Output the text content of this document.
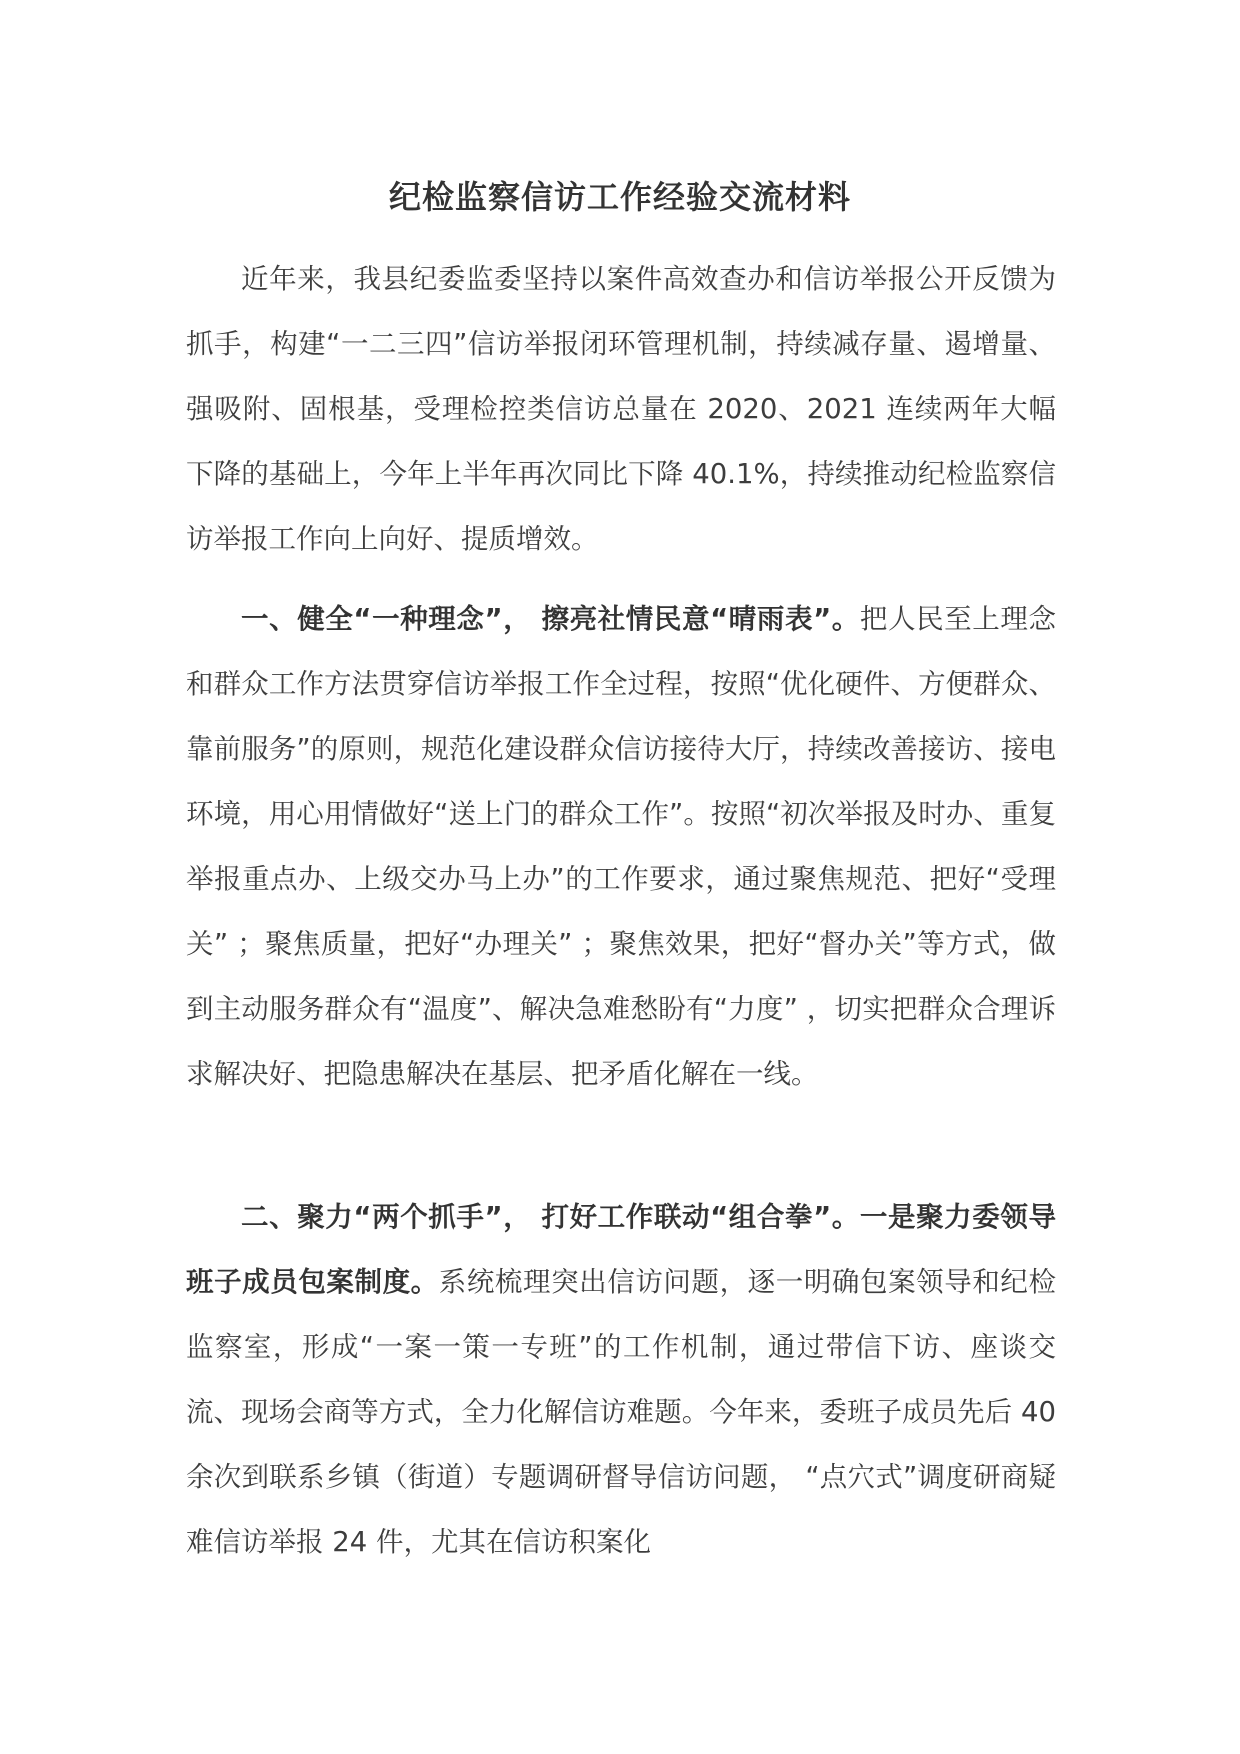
纪检监察信访工作经验交流材料

近年来，我县纪委监委坚持以案件高效查办和信访举报公开反馈为抓手，构建“一二三四”信访举报闭环管理机制，持续减存量、遏增量、强吸附、固根基，受理检控类信访总量在 2020、2021 连续两年大幅下降的基础上，今年上半年再次同比下降 40.1%，持续推动纪检监察信访举报工作向上向好、提质增效。

一、健全“一种理念”， 擦亮社情民意“晴雨表”。把人民至上理念和群众工作方法贯穿信访举报工作全过程，按照“优化硬件、方便群众、靠前服务”的原则，规范化建设群众信访接待大厅，持续改善接访、接电环境，用心用情做好“送上门的群众工作”。按照“初次举报及时办、重复举报重点办、上级交办马上办”的工作要求，通过聚焦规范、把好“受理关” ；聚焦质量，把好“办理关” ；聚焦效果，把好“督办关”等方式，做到主动服务群众有“温度”、解决急难愁盼有“力度” ，切实把群众合理诉求解决好、把隐患解决在基层、把矛盾化解在一线。

二、聚力“两个抓手”， 打好工作联动“组合拳”。一是聚力委领导班子成员包案制度。系统梳理突出信访问题，逐一明确包案领导和纪检监察室，形成“一案一策一专班”的工作机制，通过带信下访、座谈交流、现场会商等方式，全力化解信访难题。今年来，委班子成员先后 40 余次到联系乡镇（街道）专题调研督导信访问题， “点穴式”调度研商疑难信访举报 24 件，尤其在信访积案化
